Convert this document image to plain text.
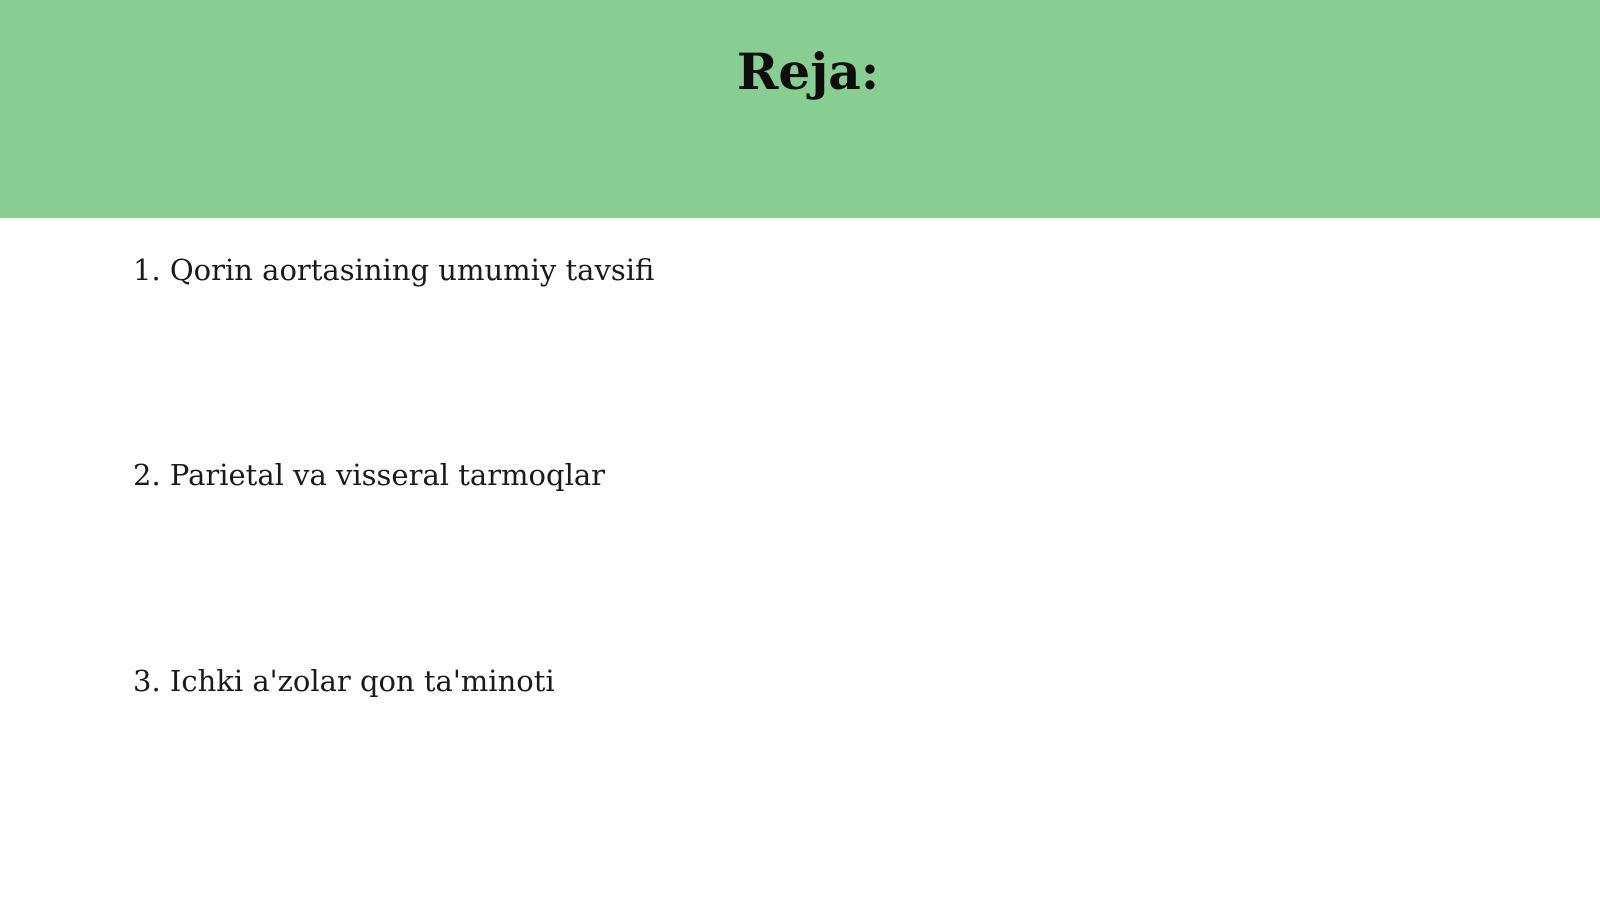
Reja:

1. Qorin aortasining umumiy tavsifi

2. Parietal va visseral tarmoqlar

3. Ichki a'zolar qon ta'minoti
